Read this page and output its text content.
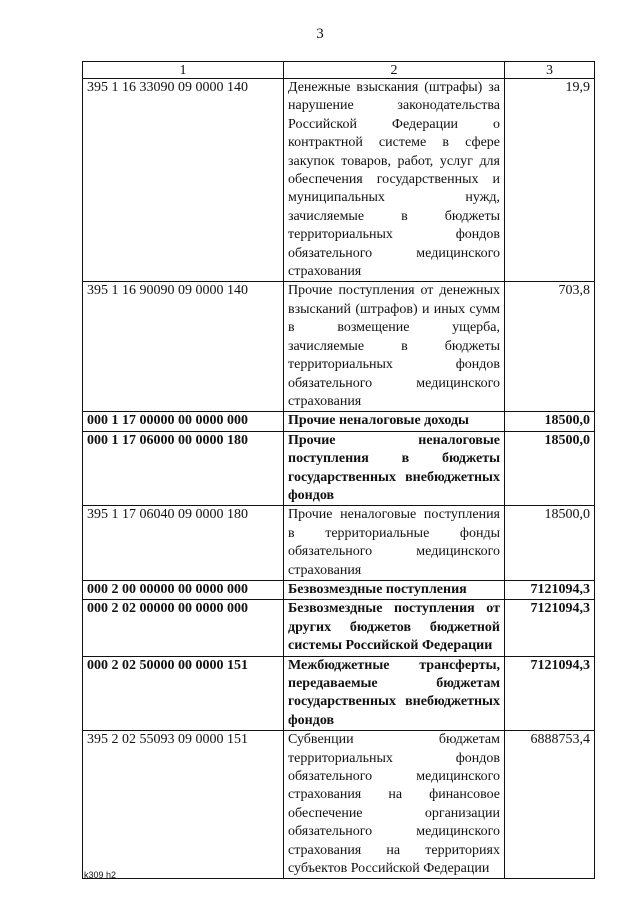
3
1	2	3
395 1 16 33090 09 0000 140	Денежные взыскания (штрафы) за нарушение законодательства Российской Федерации о контрактной системе в сфере закупок товаров, работ, услуг для обеспечения государственных и муниципальных нужд, зачисляемые в бюджеты территориальных фондов обязательного медицинского страхования	19,9
395 1 16 90090 09 0000 140	Прочие поступления от денежных взысканий (штрафов) и иных сумм в возмещение ущерба, зачисляемые в бюджеты территориальных фондов обязательного медицинского страхования	703,8
000 1 17 00000 00 0000 000	Прочие неналоговые доходы	18500,0
000 1 17 06000 00 0000 180	Прочие неналоговые поступления в бюджеты государственных внебюджетных фондов	18500,0
395 1 17 06040 09 0000 180	Прочие неналоговые поступления в территориальные фонды обязательного медицинского страхования	18500,0
000 2 00 00000 00 0000 000	Безвозмездные поступления	7121094,3
000 2 02 00000 00 0000 000	Безвозмездные поступления от других бюджетов бюджетной системы Российской Федерации	7121094,3
000 2 02 50000 00 0000 151	Межбюджетные трансферты, передаваемые бюджетам государственных внебюджетных фондов	7121094,3
395 2 02 55093 09 0000 151	Субвенции бюджетам территориальных фондов обязательного медицинского страхования на финансовое обеспечение организации обязательного медицинского страхования на территориях субъектов Российской Федерации	6888753,4
k309 h2
